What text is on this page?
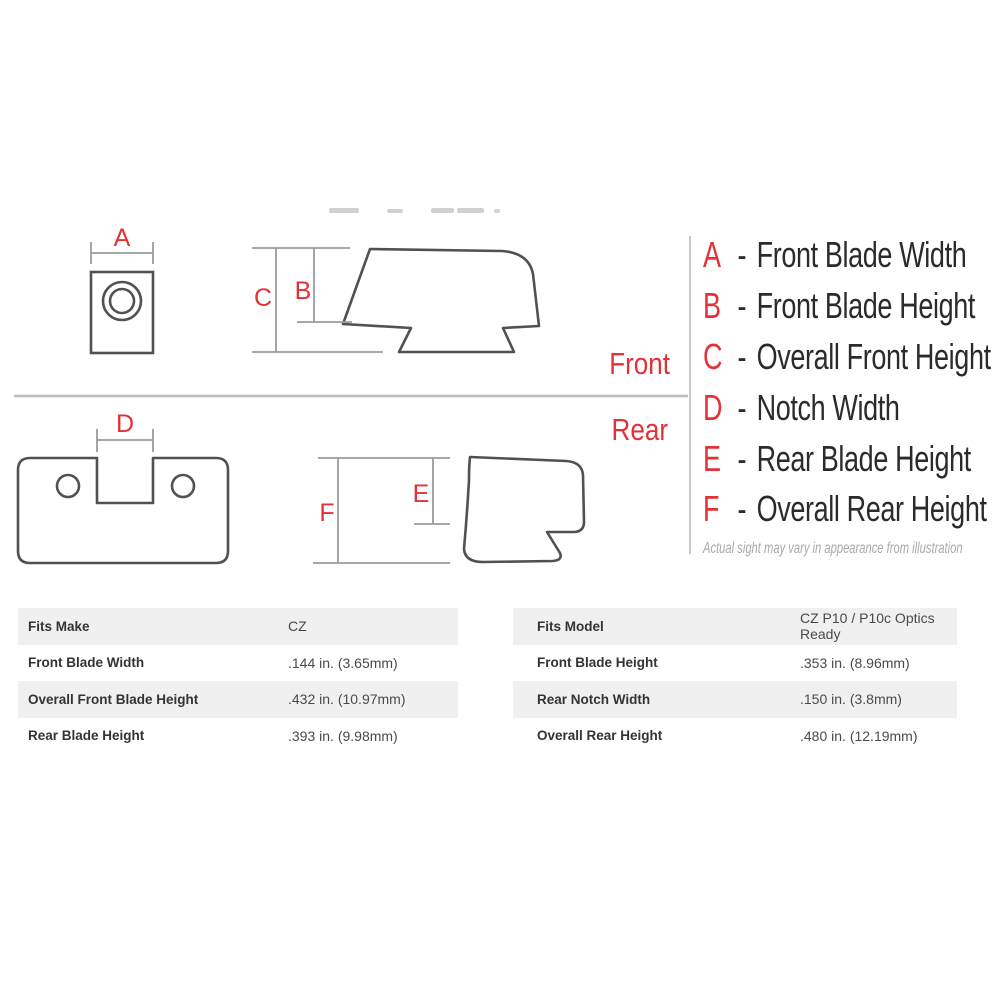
A
C B
D
F
E
Front
Rear
A - Front Blade Width
B - Front Blade Height
C - Overall Front Height
D - Notch Width
E - Rear Blade Height
F - Overall Rear Height
Actual sight may vary in appearance from illustration
Fits Make	CZ
Front Blade Width	.144 in. (3.65mm)
Overall Front Blade Height	.432 in. (10.97mm)
Rear Blade Height	.393 in. (9.98mm)
Fits Model	CZ P10 / P10c Optics Ready
Front Blade Height	.353 in. (8.96mm)
Rear Notch Width	.150 in. (3.8mm)
Overall Rear Height	.480 in. (12.19mm)
